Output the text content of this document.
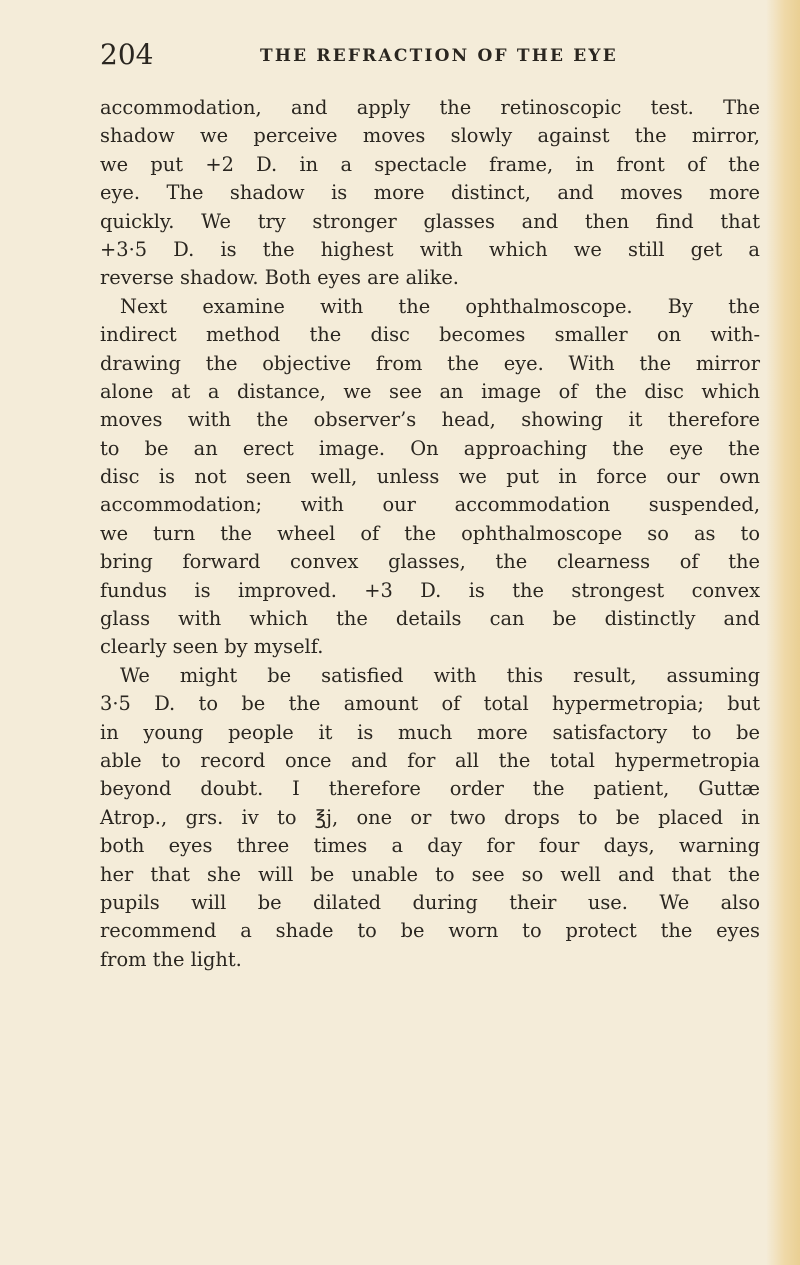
204	THE REFRACTION OF THE EYE
accommodation, and apply the retinoscopic test. The
shadow we perceive moves slowly against the mirror,
we put +2 D. in a spectacle frame, in front of the
eye. The shadow is more distinct, and moves more
quickly. We try stronger glasses and then find that
+3·5 D. is the highest with which we still get a
reverse shadow. Both eyes are alike.
Next examine with the ophthalmoscope. By the
indirect method the disc becomes smaller on with-
drawing the objective from the eye. With the mirror
alone at a distance, we see an image of the disc which
moves with the observer’s head, showing it therefore
to be an erect image. On approaching the eye the
disc is not seen well, unless we put in force our own
accommodation; with our accommodation suspended,
we turn the wheel of the ophthalmoscope so as to
bring forward convex glasses, the clearness of the
fundus is improved. +3 D. is the strongest convex
glass with which the details can be distinctly and
clearly seen by myself.
We might be satisfied with this result, assuming
3·5 D. to be the amount of total hypermetropia; but
in young people it is much more satisfactory to be
able to record once and for all the total hypermetropia
beyond doubt. I therefore order the patient, Guttæ
Atrop., grs. iv to ℥j, one or two drops to be placed in
both eyes three times a day for four days, warning
her that she will be unable to see so well and that the
pupils will be dilated during their use. We also
recommend a shade to be worn to protect the eyes
from the light.
